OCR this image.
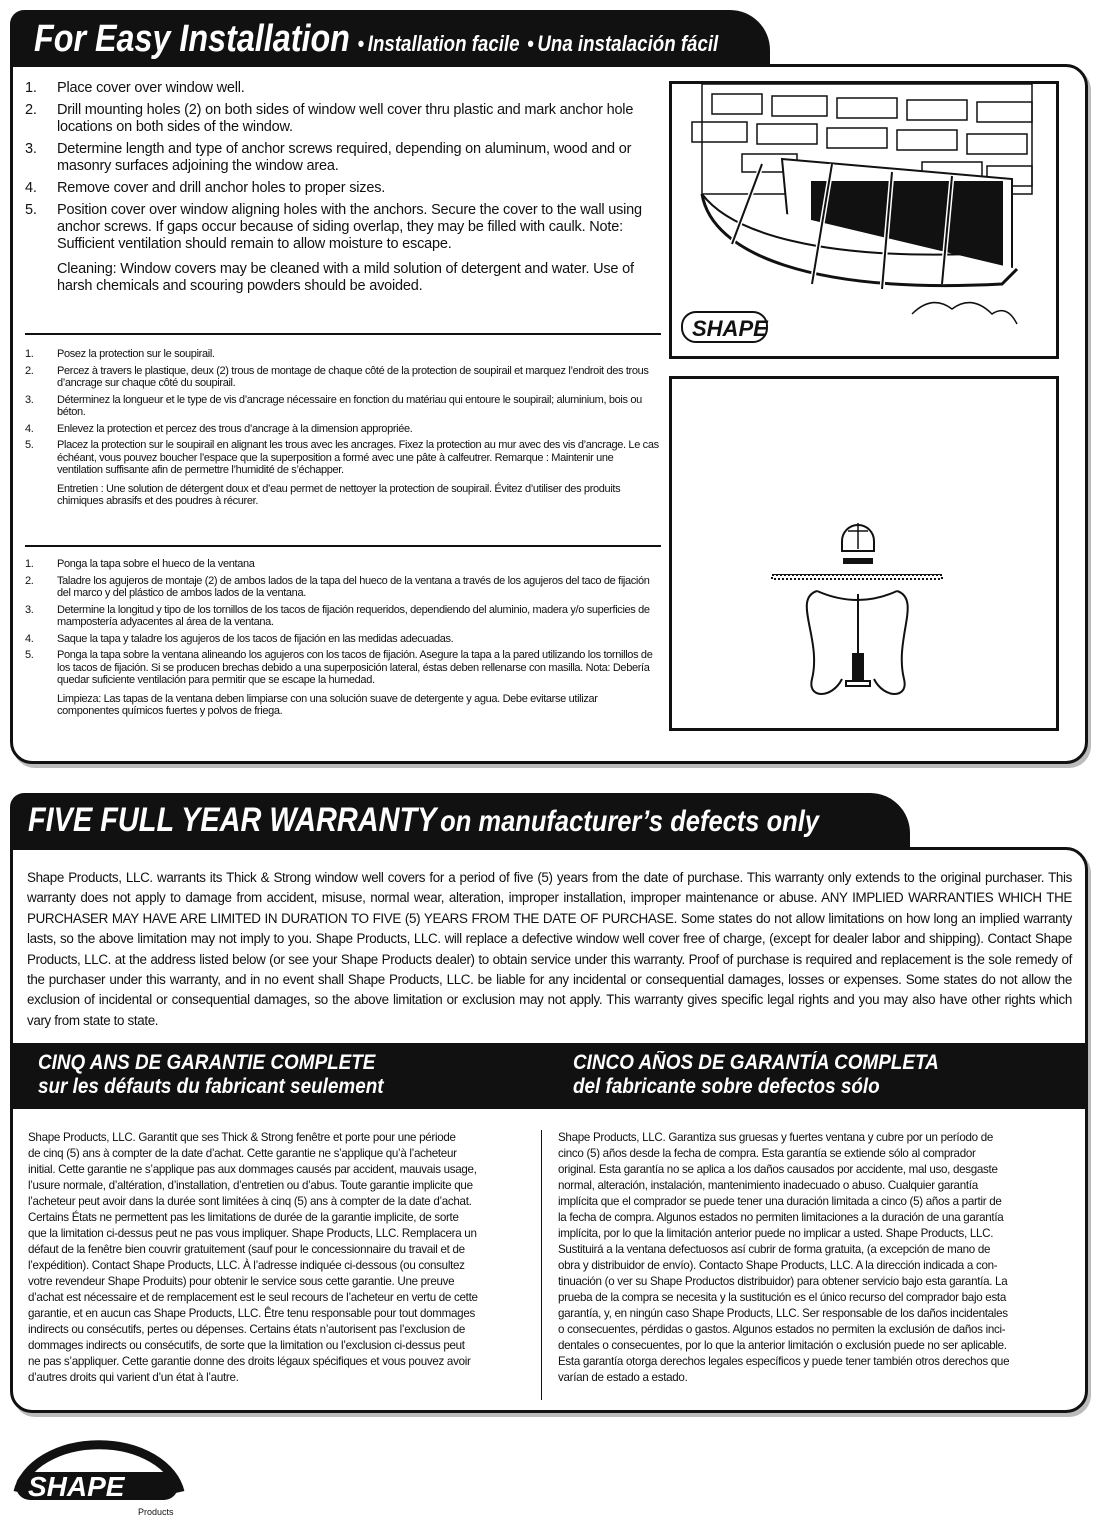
For Easy Installation • Installation facile • Una instalación fácil
1.	Place cover over window well.
2.	Drill mounting holes (2) on both sides of window well cover thru plastic and mark anchor hole locations on both sides of the window.
3.	Determine length and type of anchor screws required, depending on aluminum, wood and or masonry surfaces adjoining the window area.
4.	Remove cover and drill anchor holes to proper sizes.
5.	Position cover over window aligning holes with the anchors. Secure the cover to the wall using anchor screws. If gaps occur because of siding overlap, they may be filled with caulk. Note: Sufficient ventilation should remain to allow moisture to escape.
Cleaning: Window covers may be cleaned with a mild solution of detergent and water. Use of harsh chemicals and scouring powders should be avoided.
1.	Posez la protection sur le soupirail.
2.	Percez à travers le plastique, deux (2) trous de montage de chaque côté de la protection de soupirail et marquez l’endroit des trous d’ancrage sur chaque côté du soupirail.
3.	Déterminez la longueur et le type de vis d’ancrage nécessaire en fonction du matériau qui entoure le soupirail; aluminium, bois ou béton.
4.	Enlevez la protection et percez des trous d’ancrage à la dimension appropriée.
5.	Placez la protection sur le soupirail en alignant les trous avec les ancrages. Fixez la protection au mur avec des vis d’ancrage. Le cas échéant, vous pouvez boucher l’espace que la superposition a formé avec une pâte à calfeutrer. Remarque : Maintenir une ventilation suffisante afin de permettre l’humidité de s’échapper.
Entretien : Une solution de détergent doux et d’eau permet de nettoyer la protection de soupirail. Évitez d’utiliser des produits chimiques abrasifs et des poudres à récurer.
1.	Ponga la tapa sobre el hueco de la ventana
2.	Taladre los agujeros de montaje (2) de ambos lados de la tapa del hueco de la ventana a través de los agujeros del taco de fijación del marco y del plástico de ambos lados de la ventana.
3.	Determine la longitud y tipo de los tornillos de los tacos de fijación requeridos, dependiendo del aluminio, madera y/o superficies de mampostería adyacentes al área de la ventana.
4.	Saque la tapa y taladre los agujeros de los tacos de fijación en las medidas adecuadas.
5.	Ponga la tapa sobre la ventana alineando los agujeros con los tacos de fijación. Asegure la tapa a la pared utilizando los tornillos de los tacos de fijación. Si se producen brechas debido a una superposición lateral, éstas deben rellenarse con masilla. Nota: Debería quedar suficiente ventilación para permitir que se escape la humedad.
Limpieza: Las tapas de la ventana deben limpiarse con una solución suave de detergente y agua. Debe evitarse utilizar componentes químicos fuertes y polvos de friega.
SHAPE
FIVE FULL YEAR WARRANTY on manufacturer’s defects only

Shape Products, LLC. warrants its Thick & Strong window well covers for a period of five (5) years from the date of purchase. This warranty only extends to the original purchaser. This warranty does not apply to damage from accident, misuse, normal wear, alteration, improper installation, improper maintenance or abuse. ANY IMPLIED WARRANTIES WHICH THE PURCHASER MAY HAVE ARE LIMITED IN DURATION TO FIVE (5) YEARS FROM THE DATE OF PURCHASE. Some states do not allow limitations on how long an implied warranty lasts, so the above limitation may not imply to you. Shape Products, LLC. will replace a defective window well cover free of charge, (except for dealer labor and shipping). Contact Shape Products, LLC. at the address listed below (or see your Shape Products dealer) to obtain service under this warranty. Proof of purchase is required and replacement is the sole remedy of the purchaser under this warranty, and in no event shall Shape Products, LLC. be liable for any incidental or consequential damages, losses or expenses. Some states do not allow the exclusion of incidental or consequential damages, so the above limitation or exclusion may not apply. This warranty gives specific legal rights and you may also have other rights which vary from state to state.

CINQ ANS DE GARANTIE COMPLETE
sur les défauts du fabricant seulement
CINCO AÑOS DE GARANTÍA COMPLETA
del fabricante sobre defectos sólo
Shape Products, LLC. Garantit que ses Thick & Strong fenêtre et porte pour une période
de cinq (5) ans à compter de la date d’achat. Cette garantie ne s’applique qu’à l’acheteur
initial. Cette garantie ne s’applique pas aux dommages causés par accident, mauvais usage,
l’usure normale, d’altération, d’installation, d’entretien ou d’abus. Toute garantie implicite que
l’acheteur peut avoir dans la durée sont limitées à cinq (5) ans à compter de la date d’achat.
Certains États ne permettent pas les limitations de durée de la garantie implicite, de sorte
que la limitation ci-dessus peut ne pas vous impliquer. Shape Products, LLC. Remplacera un
défaut de la fenêtre bien couvrir gratuitement (sauf pour le concessionnaire du travail et de
l’expédition). Contact Shape Products, LLC. À l’adresse indiquée ci-dessous (ou consultez
votre revendeur Shape Produits) pour obtenir le service sous cette garantie. Une preuve
d’achat est nécessaire et de remplacement est le seul recours de l’acheteur en vertu de cette
garantie, et en aucun cas Shape Products, LLC. Être tenu responsable pour tout dommages
indirects ou consécutifs, pertes ou dépenses. Certains états n’autorisent pas l’exclusion de
dommages indirects ou consécutifs, de sorte que la limitation ou l’exclusion ci-dessus peut
ne pas s’appliquer. Cette garantie donne des droits légaux spécifiques et vous pouvez avoir
d’autres droits qui varient d’un état à l’autre.
Shape Products, LLC. Garantiza sus gruesas y fuertes ventana y cubre por un período de
cinco (5) años desde la fecha de compra. Esta garantía se extiende sólo al comprador
original. Esta garantía no se aplica a los daños causados por accidente, mal uso, desgaste
normal, alteración, instalación, mantenimiento inadecuado o abuso. Cualquier garantía
implícita que el comprador se puede tener una duración limitada a cinco (5) años a partir de
la fecha de compra. Algunos estados no permiten limitaciones a la duración de una garantía
implícita, por lo que la limitación anterior puede no implicar a usted. Shape Products, LLC.
Sustituirá a la ventana defectuosos así cubrir de forma gratuita, (a excepción de mano de
obra y distribuidor de envío). Contacto Shape Products, LLC. A la dirección indicada a con-
tinuación (o ver su Shape Productos distribuidor) para obtener servicio bajo esta garantía. La
prueba de la compra se necesita y la sustitución es el único recurso del comprador bajo esta
garantía, y, en ningún caso Shape Products, LLC. Ser responsable de los daños incidentales
o consecuentes, pérdidas o gastos. Algunos estados no permiten la exclusión de daños inci-
dentales o consecuentes, por lo que la anterior limitación o exclusión puede no ser aplicable.
Esta garantía otorga derechos legales específicos y puede tener también otros derechos que
varían de estado a estado.
SHAPE
Products
